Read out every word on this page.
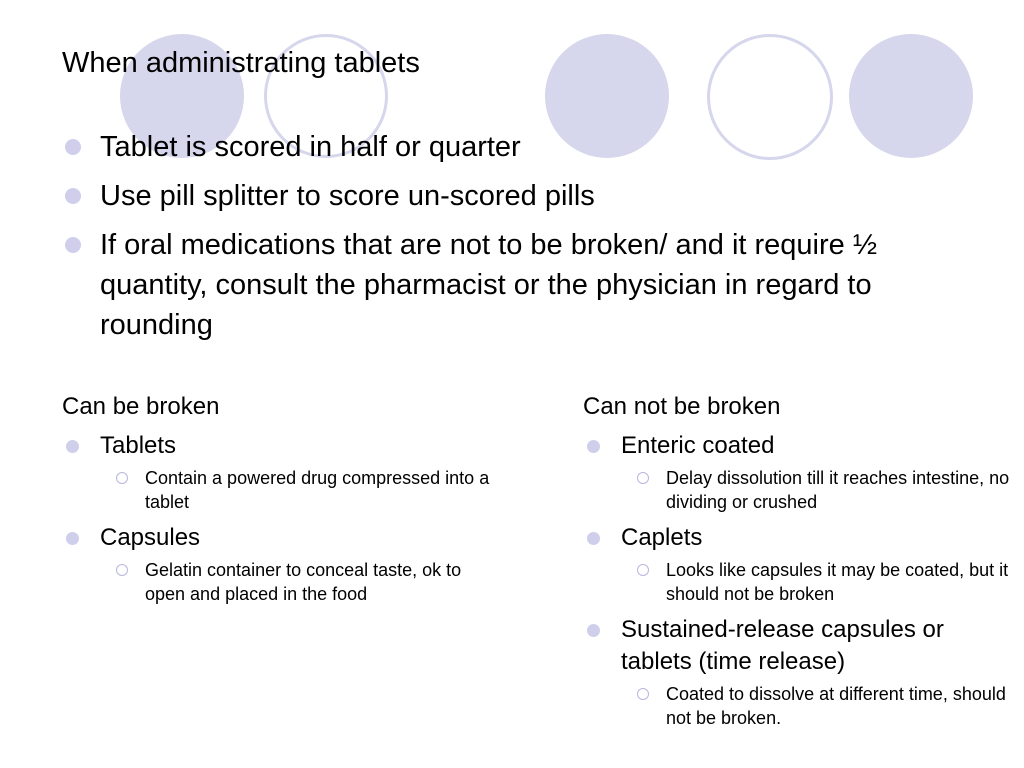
When administrating tablets
Tablet is scored in half or quarter
Use pill splitter to score un-scored pills
If oral medications that are not to be broken/ and it require ½ quantity, consult the pharmacist or the physician in regard to rounding
Can be broken
Tablets
Contain a powered drug compressed into a tablet
Capsules
Gelatin container to conceal taste, ok to open and placed in the food
Can not be broken
Enteric coated
Delay dissolution till it reaches intestine, no dividing or crushed
Caplets
Looks like capsules it may be coated, but it should not be broken
Sustained-release capsules or tablets (time release)
Coated to dissolve at different time, should not be broken.
